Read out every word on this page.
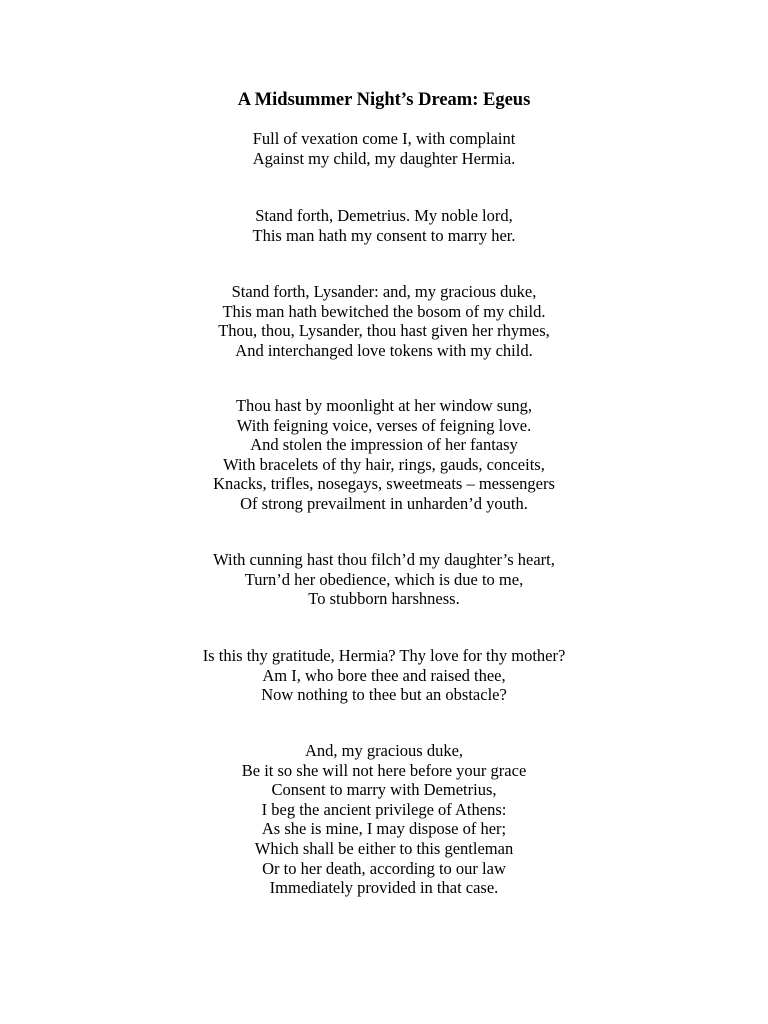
A Midsummer Night’s Dream: Egeus
Full of vexation come I, with complaint
Against my child, my daughter Hermia.
Stand forth, Demetrius. My noble lord,
This man hath my consent to marry her.
Stand forth, Lysander: and, my gracious duke,
This man hath bewitched the bosom of my child.
Thou, thou, Lysander, thou hast given her rhymes,
And interchanged love tokens with my child.
Thou hast by moonlight at her window sung,
With feigning voice, verses of feigning love.
And stolen the impression of her fantasy
With bracelets of thy hair, rings, gauds, conceits,
Knacks, trifles, nosegays, sweetmeats – messengers
Of strong prevailment in unharden’d youth.
With cunning hast thou filch’d my daughter’s heart,
Turn’d her obedience, which is due to me,
To stubborn harshness.
Is this thy gratitude, Hermia? Thy love for thy mother?
Am I, who bore thee and raised thee,
Now nothing to thee but an obstacle?
And, my gracious duke,
Be it so she will not here before your grace
Consent to marry with Demetrius,
I beg the ancient privilege of Athens:
As she is mine, I may dispose of her;
Which shall be either to this gentleman
Or to her death, according to our law
Immediately provided in that case.
